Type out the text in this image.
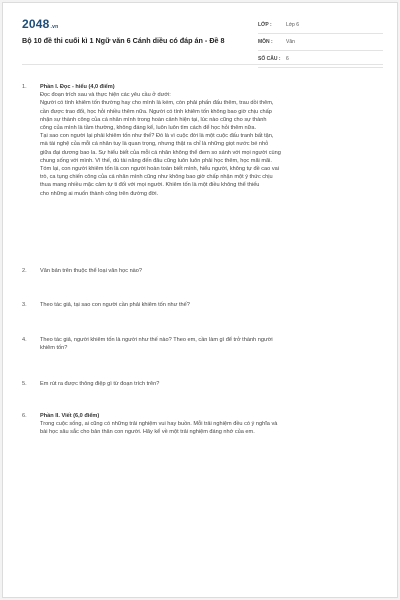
2048.vn
Bộ 10 đề thi cuối kì 1 Ngữ văn 6 Cánh diều có đáp án - Đề 8
LỚP :	Lớp 6
MÔN :	Văn
SỐ CÂU : 6
1. Phần I. Đọc - hiểu (4,0 điểm)
Đọc đoạn trích sau và thực hiện các yêu cầu ở dưới:
Người có tính khiêm tốn thường hay cho mình là kém, còn phải phấn đấu thêm, trau dồi thêm,
cần được trao đổi, học hỏi nhiều thêm nữa. Người có tính khiêm tốn không bao giờ chịu chấp
nhận sự thành công của cá nhân mình trong hoàn cảnh hiện tại, lúc nào cũng cho sự thành
công của mình là tầm thường, không đáng kể, luôn luôn tìm cách để học hỏi thêm nữa.
Tại sao con người lại phải khiêm tốn như thế? Đó là vì cuộc đời là một cuộc đấu tranh bất tận,
mà tài nghệ của mỗi cá nhân tuy là quan trọng, nhưng thật ra chỉ là những giọt nước bé nhỏ
giữa đại dương bao la. Sự hiểu biết của mỗi cá nhân không thể đem so sánh với mọi người cùng
chung sống với mình. Vì thế, dù tài năng đến đâu cũng luôn luôn phải học thêm, học mãi mãi.
Tóm lại, con người khiêm tốn là con người hoàn toàn biết mình, hiểu người, không tự đề cao vai
trò, ca tụng chiến công của cá nhân mình cũng như không bao giờ chấp nhận một ý thức chịu
thua mang nhiều mặc cảm tự ti đối với mọi người. Khiêm tốn là một điều không thể thiếu
cho những ai muốn thành công trên đường đời.
2. Văn bản trên thuộc thể loại văn học nào?
3. Theo tác giả, tại sao con người cần phải khiêm tốn như thế?
4. Theo tác giả, người khiêm tốn là người như thế nào? Theo em, cần làm gì để trở thành người
khiêm tốn?
5. Em rút ra được thông điệp gì từ đoạn trích trên?
6. Phần II. Viết (6,0 điểm)
Trong cuộc sống, ai cũng có những trải nghiệm vui hay buồn. Mỗi trải nghiệm đều có ý nghĩa và
bài học sâu sắc cho bản thân con người. Hãy kể về một trải nghiệm đáng nhớ của em.
